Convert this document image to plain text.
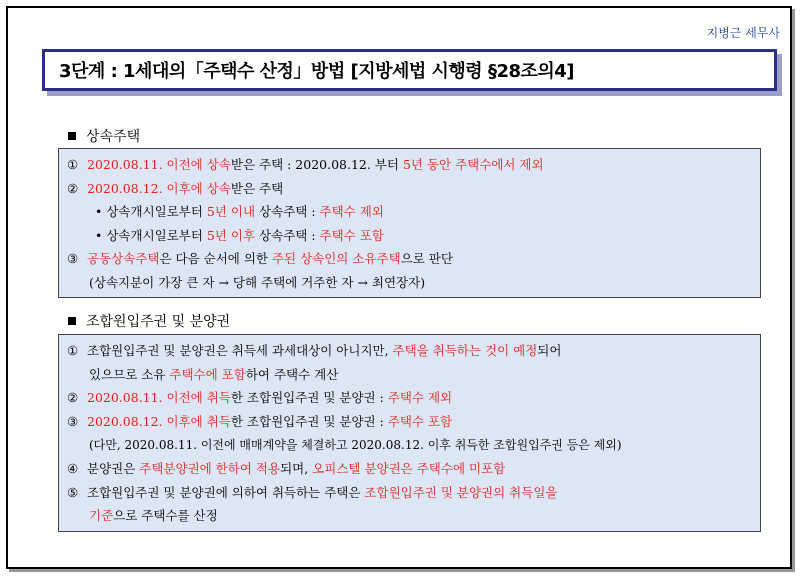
지병근 세무사
3단계 : 1세대의「주택수 산정」방법 [지방세법 시행령 §28조의4]
상속주택
① 2020.08.11. 이전에 상속받은 주택 : 2020.08.12. 부터 5년 동안 주택수에서 제외
② 2020.08.12. 이후에 상속받은 주택
• 상속개시일로부터 5년 이내 상속주택 : 주택수 제외
• 상속개시일로부터 5년 이후 상속주택 : 주택수 포함
③ 공동상속주택은 다음 순서에 의한 주된 상속인의 소유주택으로 판단
(상속지분이 가장 큰 자 → 당해 주택에 거주한 자 → 최연장자)
조합원입주권 및 분양권
① 조합원입주권 및 분양권은 취득세 과세대상이 아니지만, 주택을 취득하는 것이 예정되어
있으므로 소유 주택수에 포함하여 주택수 계산
② 2020.08.11. 이전에 취득한 조합원입주권 및 분양권 : 주택수 제외
③ 2020.08.12. 이후에 취득한 조합원입주권 및 분양권 : 주택수 포함
(다만, 2020.08.11. 이전에 매매계약을 체결하고 2020.08.12. 이후 취득한 조합원입주권 등은 제외)
④ 분양권은 주택분양권에 한하여 적용되며, 오피스텔 분양권은 주택수에 미포함
⑤ 조합원입주권 및 분양권에 의하여 취득하는 주택은 조합원입주권 및 분양권의 취득일을
기준으로 주택수를 산정
